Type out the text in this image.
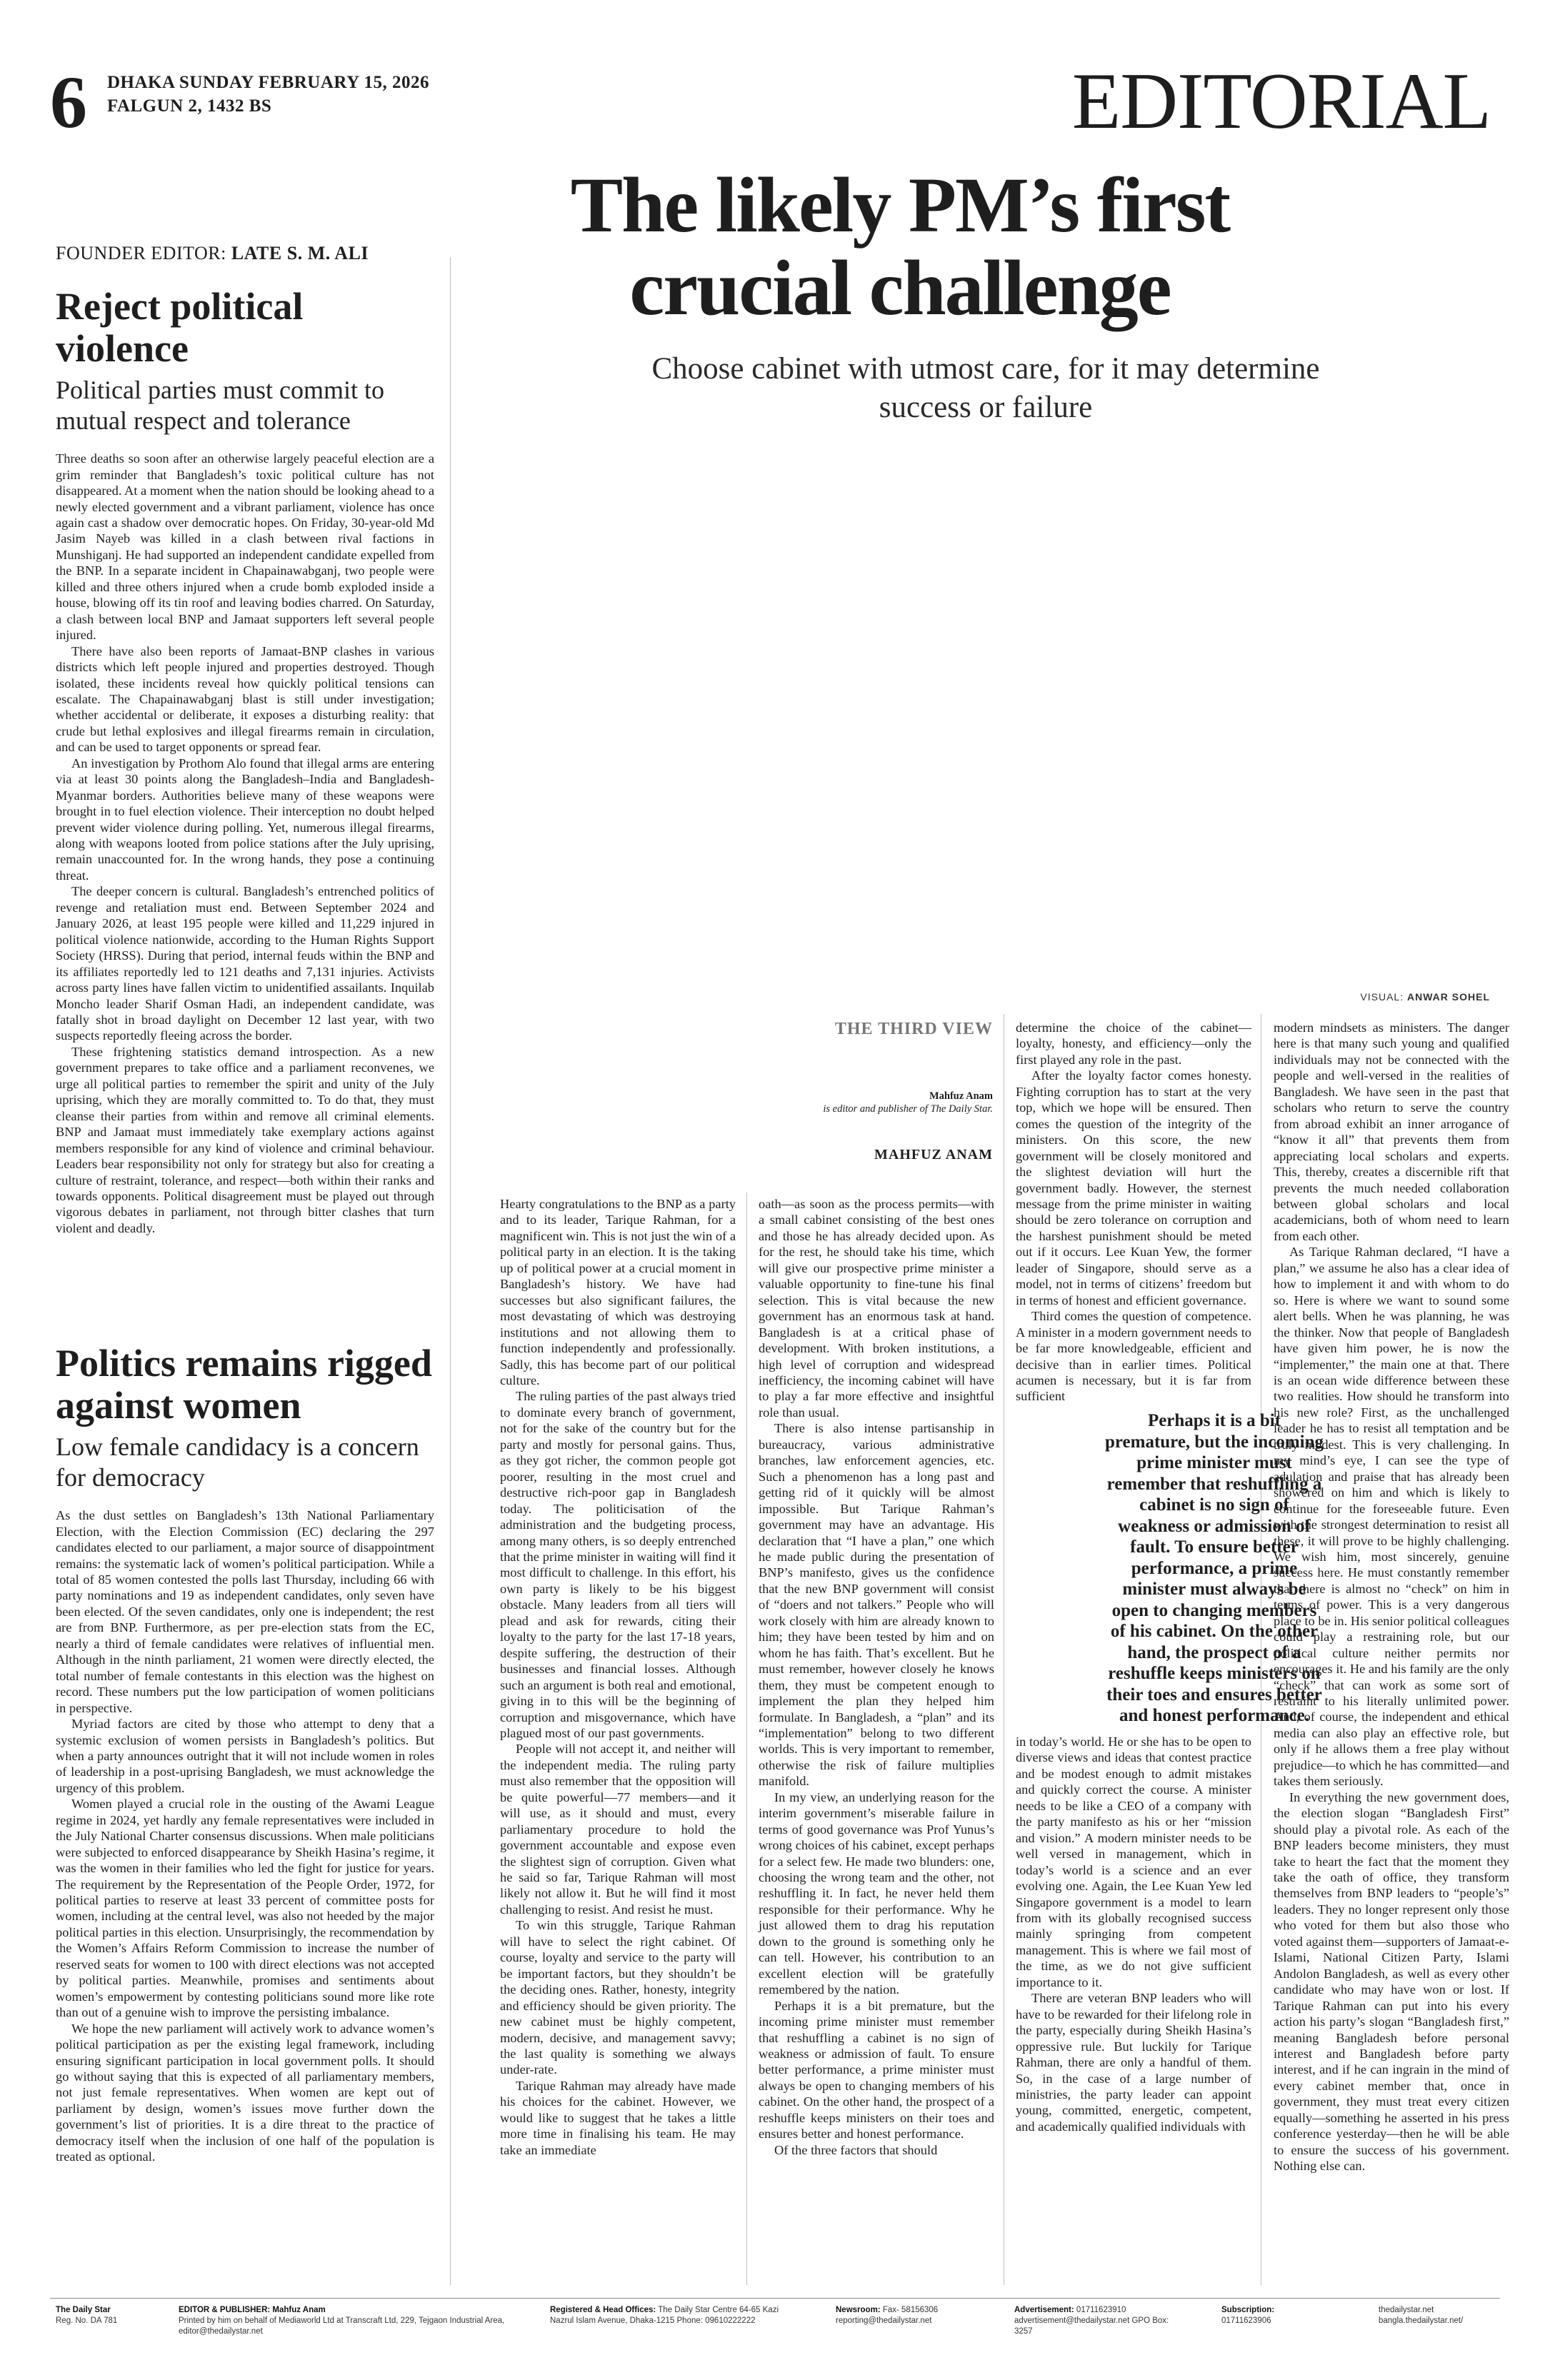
6 DHAKA SUNDAY FEBRUARY 15, 2026
FALGUN 2, 1432 BS	EDITORIAL
FOUNDER EDITOR: LATE S. M. ALI
The likely PM’s first crucial challenge
Choose cabinet with utmost care, for it may determine success or failure
Reject political violence
Political parties must commit to mutual respect and tolerance

Three deaths so soon after an otherwise largely peaceful election are a grim reminder that Bangladesh’s toxic political culture has not disappeared. At a moment when the nation should be looking ahead to a newly elected government and a vibrant parliament, violence has once again cast a shadow over democratic hopes. On Friday, 30-year-old Md Jasim Nayeb was killed in a clash between rival factions in Munshiganj. He had supported an independent candidate expelled from the BNP. In a separate incident in Chapainawabganj, two people were killed and three others injured when a crude bomb exploded inside a house, blowing off its tin roof and leaving bodies charred. On Saturday, a clash between local BNP and Jamaat supporters left several people injured.

There have also been reports of Jamaat-BNP clashes in various districts which left people injured and properties destroyed. Though isolated, these incidents reveal how quickly political tensions can escalate. The Chapainawabganj blast is still under investigation; whether accidental or deliberate, it exposes a disturbing reality: that crude but lethal explosives and illegal firearms remain in circulation, and can be used to target opponents or spread fear.

An investigation by Prothom Alo found that illegal arms are entering via at least 30 points along the Bangladesh–India and Bangladesh-Myanmar borders. Authorities believe many of these weapons were brought in to fuel election violence. Their interception no doubt helped prevent wider violence during polling. Yet, numerous illegal firearms, along with weapons looted from police stations after the July uprising, remain unaccounted for. In the wrong hands, they pose a continuing threat.

The deeper concern is cultural. Bangladesh’s entrenched politics of revenge and retaliation must end. Between September 2024 and January 2026, at least 195 people were killed and 11,229 injured in political violence nationwide, according to the Human Rights Support Society (HRSS). During that period, internal feuds within the BNP and its affiliates reportedly led to 121 deaths and 7,131 injuries. Activists across party lines have fallen victim to unidentified assailants. Inquilab Moncho leader Sharif Osman Hadi, an independent candidate, was fatally shot in broad daylight on December 12 last year, with two suspects reportedly fleeing across the border.

These frightening statistics demand introspection. As a new government prepares to take office and a parliament reconvenes, we urge all political parties to remember the spirit and unity of the July uprising, which they are morally committed to. To do that, they must cleanse their parties from within and remove all criminal elements. BNP and Jamaat must immediately take exemplary actions against members responsible for any kind of violence and criminal behaviour. Leaders bear responsibility not only for strategy but also for creating a culture of restraint, tolerance, and respect—both within their ranks and towards opponents. Political disagreement must be played out through vigorous debates in parliament, not through bitter clashes that turn violent and deadly.

Politics remains rigged against women
Low female candidacy is a concern for democracy

As the dust settles on Bangladesh’s 13th National Parliamentary Election, with the Election Commission (EC) declaring the 297 candidates elected to our parliament, a major source of disappointment remains: the systematic lack of women’s political participation. While a total of 85 women contested the polls last Thursday, including 66 with party nominations and 19 as independent candidates, only seven have been elected. Of the seven candidates, only one is independent; the rest are from BNP. Furthermore, as per pre-election stats from the EC, nearly a third of female candidates were relatives of influential men. Although in the ninth parliament, 21 women were directly elected, the total number of female contestants in this election was the highest on record. These numbers put the low participation of women politicians in perspective.

Myriad factors are cited by those who attempt to deny that a systemic exclusion of women persists in Bangladesh’s politics. But when a party announces outright that it will not include women in roles of leadership in a post-uprising Bangladesh, we must acknowledge the urgency of this problem.

Women played a crucial role in the ousting of the Awami League regime in 2024, yet hardly any female representatives were included in the July National Charter consensus discussions. When male politicians were subjected to enforced disappearance by Sheikh Hasina’s regime, it was the women in their families who led the fight for justice for years. The requirement by the Representation of the People Order, 1972, for political parties to reserve at least 33 percent of committee posts for women, including at the central level, was also not heeded by the major political parties in this election. Unsurprisingly, the recommendation by the Women’s Affairs Reform Commission to increase the number of reserved seats for women to 100 with direct elections was not accepted by political parties. Meanwhile, promises and sentiments about women’s empowerment by contesting politicians sound more like rote than out of a genuine wish to improve the persisting imbalance.

We hope the new parliament will actively work to advance women’s political participation as per the existing legal framework, including ensuring significant participation in local government polls. It should go without saying that this is expected of all parliamentary members, not just female representatives. When women are kept out of parliament by design, women’s issues move further down the government’s list of priorities. It is a dire threat to the practice of democracy itself when the inclusion of one half of the population is treated as optional.

VISUAL: ANWAR SOHEL
THE THIRD VIEW
Mahfuz Anam
is editor and publisher of The Daily Star.
MAHFUZ ANAM

Hearty congratulations to the BNP as a party and to its leader, Tarique Rahman, for a magnificent win. This is not just the win of a political party in an election. It is the taking up of political power at a crucial moment in Bangladesh’s history. We have had successes but also significant failures, the most devastating of which was destroying institutions and not allowing them to function independently and professionally. Sadly, this has become part of our political culture.

The ruling parties of the past always tried to dominate every branch of government, not for the sake of the country but for the party and mostly for personal gains. Thus, as they got richer, the common people got poorer, resulting in the most cruel and destructive rich-poor gap in Bangladesh today. The politicisation of the administration and the budgeting process, among many others, is so deeply entrenched that the prime minister in waiting will find it most difficult to challenge. In this effort, his own party is likely to be his biggest obstacle. Many leaders from all tiers will plead and ask for rewards, citing their loyalty to the party for the last 17-18 years, despite suffering, the destruction of their businesses and financial losses. Although such an argument is both real and emotional, giving in to this will be the beginning of corruption and misgovernance, which have plagued most of our past governments.

People will not accept it, and neither will the independent media. The ruling party must also remember that the opposition will be quite powerful—77 members—and it will use, as it should and must, every parliamentary procedure to hold the government accountable and expose even the slightest sign of corruption. Given what he said so far, Tarique Rahman will most likely not allow it. But he will find it most challenging to resist. And resist he must.

To win this struggle, Tarique Rahman will have to select the right cabinet. Of course, loyalty and service to the party will be important factors, but they shouldn’t be the deciding ones. Rather, honesty, integrity and efficiency should be given priority. The new cabinet must be highly competent, modern, decisive, and management savvy; the last quality is something we always under-rate.

Tarique Rahman may already have made his choices for the cabinet. However, we would like to suggest that he takes a little more time in finalising his team. He may take an immediate

oath—as soon as the process permits—with a small cabinet consisting of the best ones and those he has already decided upon. As for the rest, he should take his time, which will give our prospective prime minister a valuable opportunity to fine-tune his final selection. This is vital because the new government has an enormous task at hand. Bangladesh is at a critical phase of development. With broken institutions, a high level of corruption and widespread inefficiency, the incoming cabinet will have to play a far more effective and insightful role than usual.

There is also intense partisanship in bureaucracy, various administrative branches, law enforcement agencies, etc. Such a phenomenon has a long past and getting rid of it quickly will be almost impossible. But Tarique Rahman’s government may have an advantage. His declaration that “I have a plan,” one which he made public during the presentation of BNP’s manifesto, gives us the confidence that the new BNP government will consist of “doers and not talkers.” People who will work closely with him are already known to him; they have been tested by him and on whom he has faith. That’s excellent. But he must remember, however closely he knows them, they must be competent enough to implement the plan they helped him formulate. In Bangladesh, a “plan” and its “implementation” belong to two different worlds. This is very important to remember, otherwise the risk of failure multiplies manifold.

In my view, an underlying reason for the interim government’s miserable failure in terms of good governance was Prof Yunus’s wrong choices of his cabinet, except perhaps for a select few. He made two blunders: one, choosing the wrong team and the other, not reshuffling it. In fact, he never held them responsible for their performance. Why he just allowed them to drag his reputation down to the ground is something only he can tell. However, his contribution to an excellent election will be gratefully remembered by the nation.

Perhaps it is a bit premature, but the incoming prime minister must remember that reshuffling a cabinet is no sign of weakness or admission of fault. To ensure better performance, a prime minister must always be open to changing members of his cabinet. On the other hand, the prospect of a reshuffle keeps ministers on their toes and ensures better and honest performance.

Of the three factors that should

determine the choice of the cabinet—loyalty, honesty, and efficiency—only the first played any role in the past.

After the loyalty factor comes honesty. Fighting corruption has to start at the very top, which we hope will be ensured. Then comes the question of the integrity of the ministers. On this score, the new government will be closely monitored and the slightest deviation will hurt the government badly. However, the sternest message from the prime minister in waiting should be zero tolerance on corruption and the harshest punishment should be meted out if it occurs. Lee Kuan Yew, the former leader of Singapore, should serve as a model, not in terms of citizens’ freedom but in terms of honest and efficient governance.

Third comes the question of competence. A minister in a modern government needs to be far more knowledgeable, efficient and decisive than in earlier times. Political acumen is necessary, but it is far from sufficient

Perhaps it is a bit premature, but the incoming prime minister must remember that reshuffling a cabinet is no sign of weakness or admission of fault. To ensure better performance, a prime minister must always be open to changing members of his cabinet. On the other hand, the prospect of a reshuffle keeps ministers on their toes and ensures better and honest performance.

in today’s world. He or she has to be open to diverse views and ideas that contest practice and be modest enough to admit mistakes and quickly correct the course. A minister needs to be like a CEO of a company with the party manifesto as his or her “mission and vision.” A modern minister needs to be well versed in management, which in today’s world is a science and an ever evolving one. Again, the Lee Kuan Yew led Singapore government is a model to learn from with its globally recognised success mainly springing from competent management. This is where we fail most of the time, as we do not give sufficient importance to it.

There are veteran BNP leaders who will have to be rewarded for their lifelong role in the party, especially during Sheikh Hasina’s oppressive rule. But luckily for Tarique Rahman, there are only a handful of them. So, in the case of a large number of ministries, the party leader can appoint young, committed, energetic, competent, and academically qualified individuals with

modern mindsets as ministers. The danger here is that many such young and qualified individuals may not be connected with the people and well-versed in the realities of Bangladesh. We have seen in the past that scholars who return to serve the country from abroad exhibit an inner arrogance of “know it all” that prevents them from appreciating local scholars and experts. This, thereby, creates a discernible rift that prevents the much needed collaboration between global scholars and local academicians, both of whom need to learn from each other.

As Tarique Rahman declared, “I have a plan,” we assume he also has a clear idea of how to implement it and with whom to do so. Here is where we want to sound some alert bells. When he was planning, he was the thinker. Now that people of Bangladesh have given him power, he is now the “implementer,” the main one at that. There is an ocean wide difference between these two realities. How should he transform into his new role? First, as the unchallenged leader he has to resist all temptation and be truly modest. This is very challenging. In my mind’s eye, I can see the type of adulation and praise that has already been showered on him and which is likely to continue for the foreseeable future. Even with the strongest determination to resist all these, it will prove to be highly challenging. We wish him, most sincerely, genuine success here. He must constantly remember that there is almost no “check” on him in terms of power. This is a very dangerous place to be in. His senior political colleagues could play a restraining role, but our political culture neither permits nor encourages it. He and his family are the only “check” that can work as some sort of restraint to his literally unlimited power. And, of course, the independent and ethical media can also play an effective role, but only if he allows them a free play without prejudice—to which he has committed—and takes them seriously.

In everything the new government does, the election slogan “Bangladesh First” should play a pivotal role. As each of the BNP leaders become ministers, they must take to heart the fact that the moment they take the oath of office, they transform themselves from BNP leaders to “people’s” leaders. They no longer represent only those who voted for them but also those who voted against them—supporters of Jamaat-e-Islami, National Citizen Party, Islami Andolon Bangladesh, as well as every other candidate who may have won or lost. If Tarique Rahman can put into his every action his party’s slogan “Bangladesh first,” meaning Bangladesh before personal interest and Bangladesh before party interest, and if he can ingrain in the mind of every cabinet member that, once in government, they must treat every citizen equally—something he asserted in his press conference yesterday—then he will be able to ensure the success of his government. Nothing else can.

The Daily Star
Reg. No. DA 781
EDITOR & PUBLISHER: Mahfuz Anam
Printed by him on behalf of Mediaworld Ltd at Transcraft Ltd, 229, Tejgaon Industrial Area, editor@thedailystar.net
Registered & Head Offices: The Daily Star Centre 64-65 Kazi Nazrul Islam Avenue, Dhaka-1215 Phone: 09610222222
Newsroom: Fax- 58156306 reporting@thedailystar.net
Advertisement: 01711623910 advertisement@thedailystar.net GPO Box: 3257
Subscription:
01711623906
thedailystar.net bangla.thedailystar.net/
